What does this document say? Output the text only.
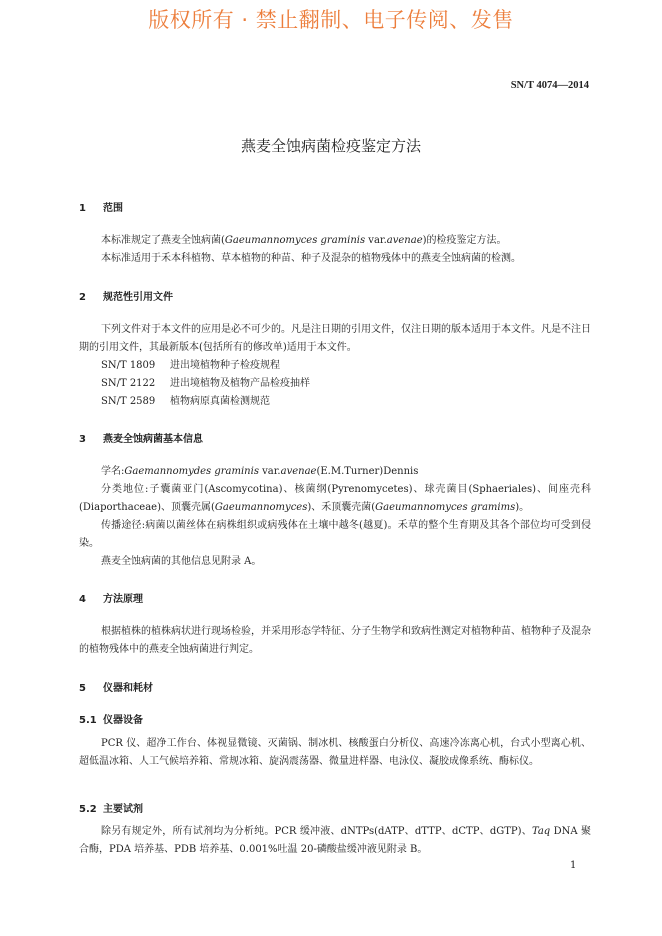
版权所有 · 禁止翻制、电子传阅、发售
SN/T 4074—2014
燕麦全蚀病菌检疫鉴定方法
1 范围
本标准规定了燕麦全蚀病菌(Gaeumannomyces graminis var.avenae)的检疫鉴定方法。
本标准适用于禾本科植物、草本植物的种苗、种子及混杂的植物残体中的燕麦全蚀病菌的检测。
2 规范性引用文件
下列文件对于本文件的应用是必不可少的。凡是注日期的引用文件，仅注日期的版本适用于本文件。凡是不注日期的引用文件，其最新版本(包括所有的修改单)适用于本文件。
SN/T 1809 进出境植物种子检疫规程
SN/T 2122 进出境植物及植物产品检疫抽样
SN/T 2589 植物病原真菌检测规范
3 燕麦全蚀病菌基本信息
学名:Gaemannomydes graminis var.avenae(E.M.Turner)Dennis
分类地位:子囊菌亚门(Ascomycotina)、核菌纲(Pyrenomycetes)、球壳菌目(Sphaeriales)、间座壳科(Diaporthaceae)、顶囊壳属(Gaeumannomyces)、禾顶囊壳菌(Gaeumannomyces gramims)。
传播途径:病菌以菌丝体在病株组织或病残体在土壤中越冬(越夏)。禾草的整个生育期及其各个部位均可受到侵染。
燕麦全蚀病菌的其他信息见附录 A。
4 方法原理
根据植株的植株病状进行现场检验，并采用形态学特征、分子生物学和致病性测定对植物种苗、植物种子及混杂的植物残体中的燕麦全蚀病菌进行判定。
5 仪器和耗材
5.1 仪器设备
PCR 仪、超净工作台、体视显微镜、灭菌锅、制冰机、核酸蛋白分析仪、高速冷冻离心机，台式小型离心机、超低温冰箱、人工气候培养箱、常规冰箱、旋涡震荡器、微量进样器、电泳仪、凝胶成像系统、酶标仪。
5.2 主要试剂
除另有规定外，所有试剂均为分析纯。PCR 缓冲液、dNTPs(dATP、dTTP、dCTP、dGTP)、Taq DNA 聚合酶，PDA 培养基、PDB 培养基、0.001%吐温 20-磷酸盐缓冲液见附录 B。
1
